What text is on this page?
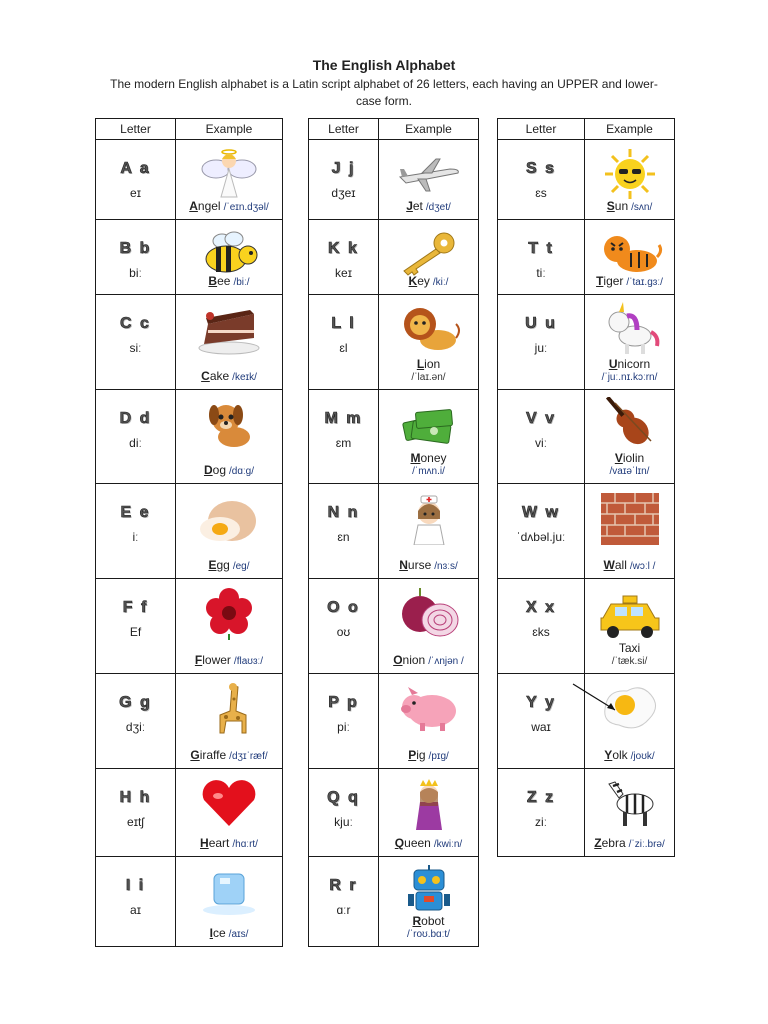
The English Alphabet
The modern English alphabet is a Latin script alphabet of 26 letters, each having an UPPER and lower-case form.
Letter	Example

A a
eɪ	Angel /ˈeɪn.dʒəl/

B b
biː	Bee /biː/

C c
siː	Cake /keɪk/

D d
diː	Dog /dɑːɡ/

E e
iː	Egg /eg/

F f
Ef	Flower /flaʊɜː/

G g
dʒiː	Giraffe /dʒɪˈræf/

H h
eɪtʃ	Heart /hɑːrt/

I i
aɪ	Ice /aɪs/
Letter	Example

J j
dʒeɪ	Jet /dʒet/

K k
keɪ	Key /kiː/

L l
ɛl	Lion
/ˈlaɪ.ən/

M m
ɛm	Money
/ˈmʌn.i/

N n
ɛn	Nurse /nɜːs/

O o
oʊ	Onion /ˈʌnjən /

P p
piː	Pig /pɪɡ/

Q q
kjuː	Queen /kwiːn/

R r
ɑːr	Robot
/ˈroʊ.bɑːt/
Letter	Example

S s
ɛs	Sun /sʌn/

T t
tiː	Tiger /ˈtaɪ.gɜː/

U u
juː	Unicorn
/ˈjuː.nɪ.kɔːrn/

V v
viː	Violin
/vaɪəˈlɪn/

W w
ˈdʌbəl.juː	Wall /wɔːl /

X x
ɛks	Taxi
/ˈtæk.si/

Y y
waɪ	Yolk /joʊk/

Z z
ziː	Zebra /ˈziː.brə/
